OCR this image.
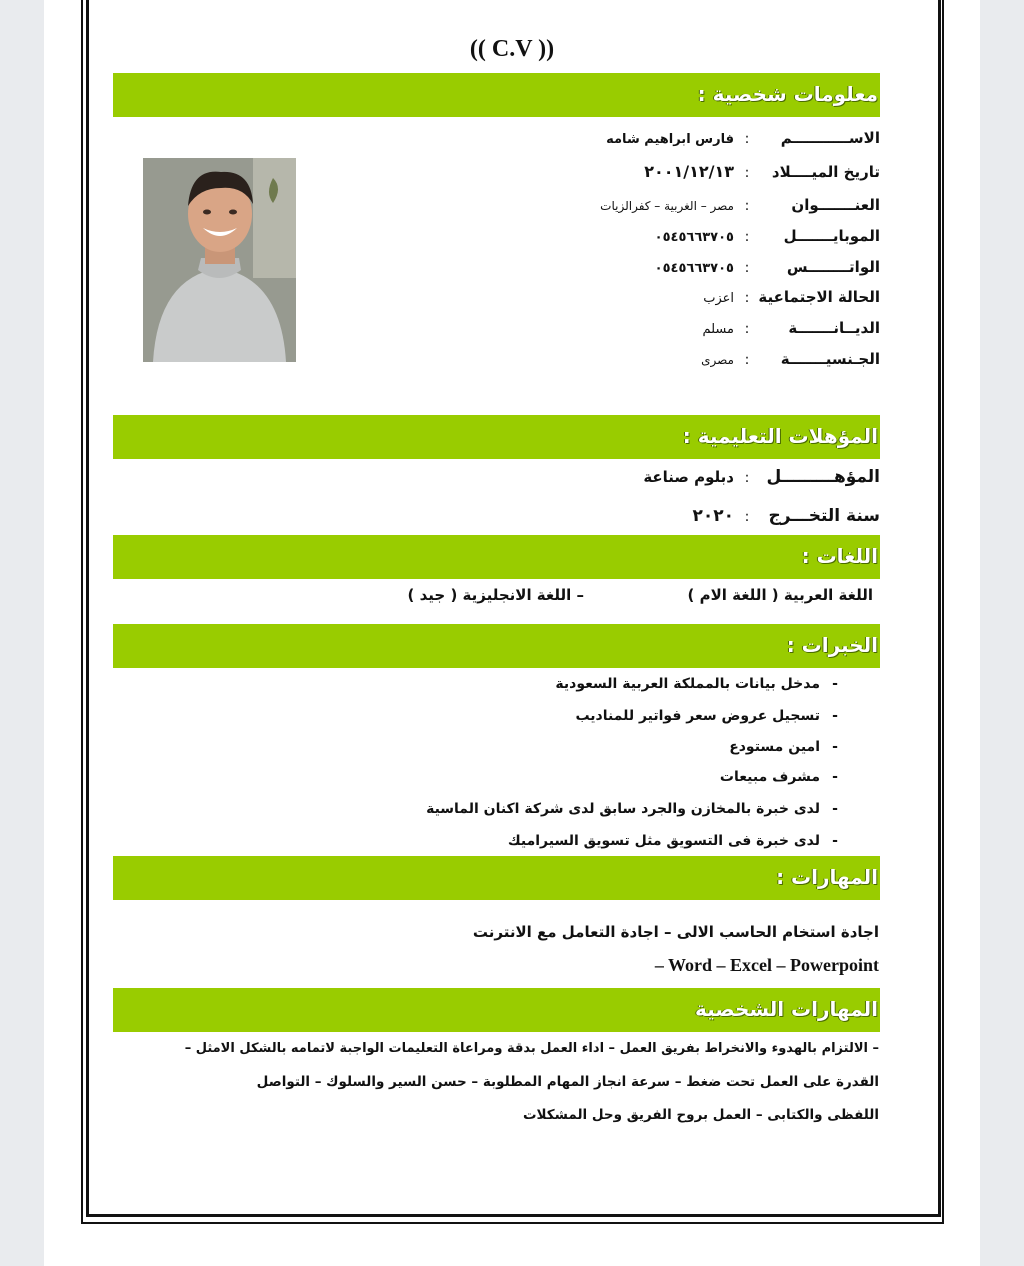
(( C.V ))
معلومات شخصية :
الاســـــــــــم:فارس ابراهيم شامه
تاريخ الميــــلاد:٢٠٠١/١٢/١٣
العنـــــــوان:مصر – الغربية – كفرالزيات
الموبايـــــــل:٠٥٤٥٦٦٣٧٠٥
الواتــــــــس:٠٥٤٥٦٦٣٧٠٥
الحالة الاجتماعية:اعزب
الديــانـــــــة:مسلم
الجـنسيـــــــة:مصرى
المؤهلات التعليمية :
المؤهـــــــــل:دبلوم صناعة
سنة التخـــرج:٢٠٢٠
اللغات :
اللغة العربية ( اللغة الام )
– اللغة الانجليزية ( جيد )
الخبرات :
-مدخل بيانات بالمملكة العربية السعودية
-تسجيل عروض سعر فواتير للمناديب
-امين مستودع
-مشرف مبيعات
-لدى خبرة بالمخازن والجرد سابق لدى شركة اكنان الماسية
-لدى خبرة فى التسويق مثل تسويق السيراميك
المهارات :
اجادة استخام الحاسب الالى – اجادة التعامل مع الانترنت
– Word – Excel – Powerpoint
المهارات الشخصية
– الالتزام بالهدوء والانخراط بفريق العمل – اداء العمل بدقة ومراعاة التعليمات الواجبة لاتمامه بالشكل الامثل –
القدرة على العمل تحت ضغط – سرعة انجاز المهام المطلوبة – حسن السير والسلوك – التواصل
اللفظى والكتابى – العمل بروح الفريق وحل المشكلات
